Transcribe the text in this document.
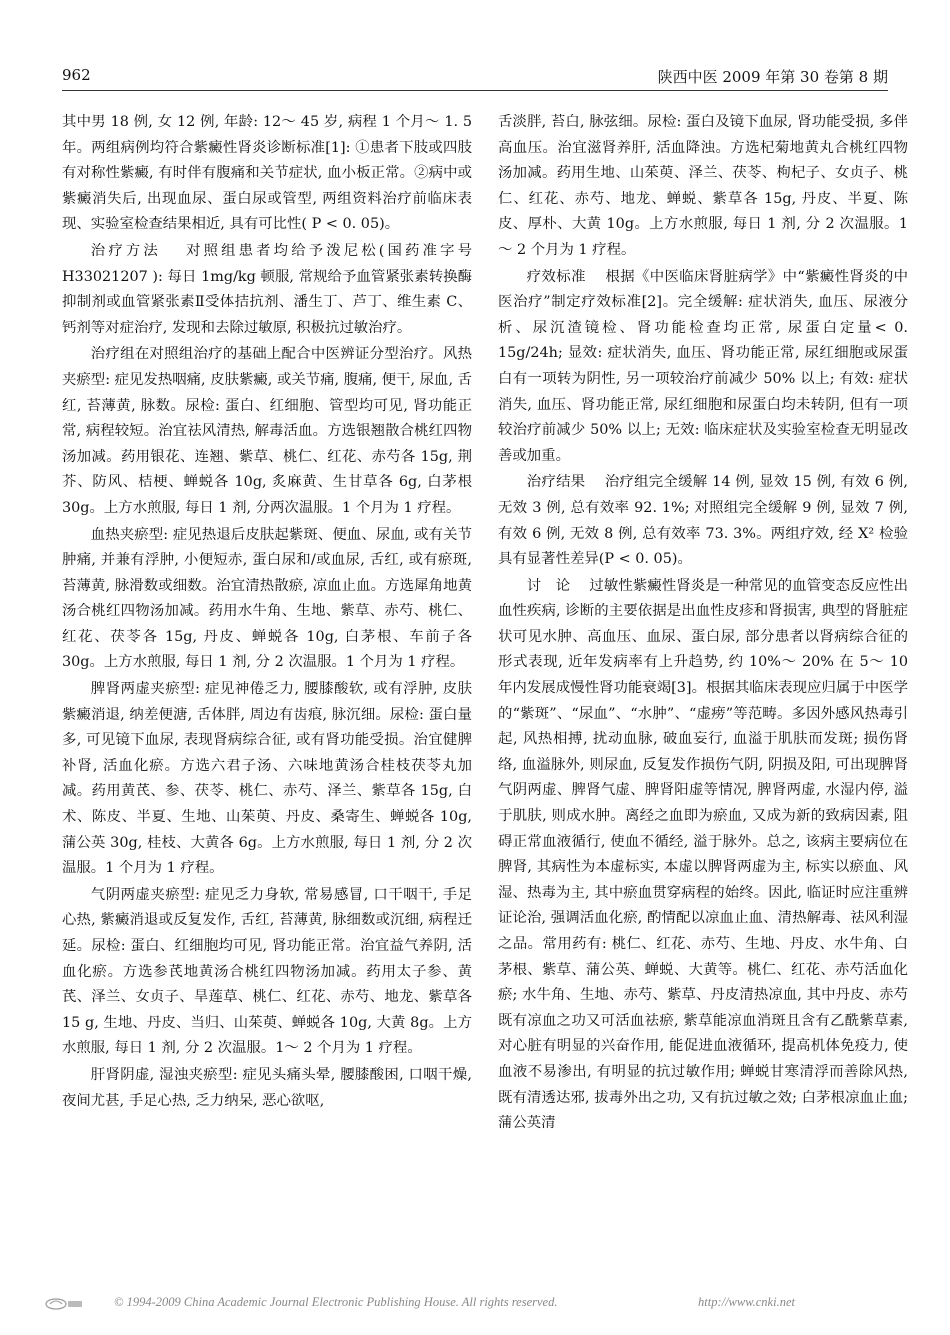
962	陕西中医 2009 年第 30 卷第 8 期

其中男 18 例, 女 12 例, 年龄: 12～ 45 岁, 病程 1 个月～ 1. 5 年。两组病例均符合紫癜性肾炎诊断标准[1]: ①患者下肢或四肢有对称性紫癜, 有时伴有腹痛和关节症状, 血小板正常。②病中或紫癜消失后, 出现血尿、蛋白尿或管型, 两组资料治疗前临床表现、实验室检查结果相近, 具有可比性( P < 0. 05)。

治疗方法　 对照组患者均给予泼尼松(国药准字号 H33021207 ): 每日 1mg/kg 顿服, 常规给予血管紧张素转换酶抑制剂或血管紧张素Ⅱ受体拮抗剂、潘生丁、芦丁、维生素 C、钙剂等对症治疗, 发现和去除过敏原, 积极抗过敏治疗。

治疗组在对照组治疗的基础上配合中医辨证分型治疗。风热夹瘀型: 症见发热咽痛, 皮肤紫癜, 或关节痛, 腹痛, 便干, 尿血, 舌红, 苔薄黄, 脉数。尿检: 蛋白、红细胞、管型均可见, 肾功能正常, 病程较短。治宜祛风清热, 解毒活血。方选银翘散合桃红四物汤加减。药用银花、连翘、紫草、桃仁、红花、赤芍各 15g, 荆芥、防风、桔梗、蝉蜕各 10g, 炙麻黄、生甘草各 6g, 白茅根 30g。上方水煎服, 每日 1 剂, 分两次温服。1 个月为 1 疗程。

血热夹瘀型: 症见热退后皮肤起紫斑、便血、尿血, 或有关节肿痛, 并兼有浮肿, 小便短赤, 蛋白尿和/或血尿, 舌红, 或有瘀斑, 苔薄黄, 脉滑数或细数。治宜清热散瘀, 凉血止血。方选犀角地黄汤合桃红四物汤加减。药用水牛角、生地、紫草、赤芍、桃仁、红花、茯苓各 15g, 丹皮、蝉蜕各 10g, 白茅根、车前子各 30g。上方水煎服, 每日 1 剂, 分 2 次温服。1 个月为 1 疗程。

脾肾两虚夹瘀型: 症见神倦乏力, 腰膝酸软, 或有浮肿, 皮肤紫癜消退, 纳差便溏, 舌体胖, 周边有齿痕, 脉沉细。尿检: 蛋白量多, 可见镜下血尿, 表现肾病综合征, 或有肾功能受损。治宜健脾补肾, 活血化瘀。方选六君子汤、六味地黄汤合桂枝茯苓丸加减。药用黄芪、参、茯苓、桃仁、赤芍、泽兰、紫草各 15g, 白术、陈皮、半夏、生地、山茱萸、丹皮、桑寄生、蝉蜕各 10g, 蒲公英 30g, 桂枝、大黄各 6g。上方水煎服, 每日 1 剂, 分 2 次温服。1 个月为 1 疗程。

气阴两虚夹瘀型: 症见乏力身软, 常易感冒, 口干咽干, 手足心热, 紫癜消退或反复发作, 舌红, 苔薄黄, 脉细数或沉细, 病程迁延。尿检: 蛋白、红细胞均可见, 肾功能正常。治宜益气养阴, 活血化瘀。方选参芪地黄汤合桃红四物汤加减。药用太子参、黄芪、泽兰、女贞子、旱莲草、桃仁、红花、赤芍、地龙、紫草各 15 g, 生地、丹皮、当归、山茱萸、蝉蜕各 10g, 大黄 8g。上方水煎服, 每日 1 剂, 分 2 次温服。1～ 2 个月为 1 疗程。

肝肾阴虚, 湿浊夹瘀型: 症见头痛头晕, 腰膝酸困, 口咽干燥, 夜间尤甚, 手足心热, 乏力纳呆, 恶心欲呕,

舌淡胖, 苔白, 脉弦细。尿检: 蛋白及镜下血尿, 肾功能受损, 多伴高血压。治宜滋肾养肝, 活血降浊。方选杞菊地黄丸合桃红四物汤加减。药用生地、山茱萸、泽兰、茯苓、枸杞子、女贞子、桃仁、红花、赤芍、地龙、蝉蜕、紫草各 15g, 丹皮、半夏、陈皮、厚朴、大黄 10g。上方水煎服, 每日 1 剂, 分 2 次温服。1～ 2 个月为 1 疗程。

疗效标准　 根据《中医临床肾脏病学》中“紫癜性肾炎的中医治疗”制定疗效标准[2]。完全缓解: 症状消失, 血压、尿液分析、尿沉渣镜检、肾功能检查均正常, 尿蛋白定量< 0. 15g/24h; 显效: 症状消失, 血压、肾功能正常, 尿红细胞或尿蛋白有一项转为阴性, 另一项较治疗前减少 50% 以上; 有效: 症状消失, 血压、肾功能正常, 尿红细胞和尿蛋白均未转阴, 但有一项较治疗前减少 50% 以上; 无效: 临床症状及实验室检查无明显改善或加重。

治疗结果　 治疗组完全缓解 14 例, 显效 15 例, 有效 6 例, 无效 3 例, 总有效率 92. 1%; 对照组完全缓解 9 例, 显效 7 例, 有效 6 例, 无效 8 例, 总有效率 73. 3%。两组疗效, 经 X² 检验具有显著性差异(P < 0. 05)。

讨　论　 过敏性紫癜性肾炎是一种常见的血管变态反应性出血性疾病, 诊断的主要依据是出血性皮疹和肾损害, 典型的肾脏症状可见水肿、高血压、血尿、蛋白尿, 部分患者以肾病综合征的形式表现, 近年发病率有上升趋势, 约 10%～ 20% 在 5～ 10 年内发展成慢性肾功能衰竭[3]。根据其临床表现应归属于中医学的“紫斑”、“尿血”、“水肿”、“虚痨”等范畴。多因外感风热毒引起, 风热相搏, 扰动血脉, 破血妄行, 血溢于肌肤而发斑; 损伤肾络, 血溢脉外, 则尿血, 反复发作损伤气阴, 阴损及阳, 可出现脾肾气阴两虚、脾肾气虚、脾肾阳虚等情况, 脾肾两虚, 水湿内停, 溢于肌肤, 则成水肿。离经之血即为瘀血, 又成为新的致病因素, 阻碍正常血液循行, 使血不循经, 溢于脉外。总之, 该病主要病位在脾肾, 其病性为本虚标实, 本虚以脾肾两虚为主, 标实以瘀血、风湿、热毒为主, 其中瘀血贯穿病程的始终。因此, 临证时应注重辨证论治, 强调活血化瘀, 酌情配以凉血止血、清热解毒、祛风利湿之品。常用药有: 桃仁、红花、赤芍、生地、丹皮、水牛角、白茅根、紫草、蒲公英、蝉蜕、大黄等。桃仁、红花、赤芍活血化瘀; 水牛角、生地、赤芍、紫草、丹皮清热凉血, 其中丹皮、赤芍既有凉血之功又可活血祛瘀, 紫草能凉血消斑且含有乙酰紫草素, 对心脏有明显的兴奋作用, 能促进血液循环, 提高机体免疫力, 使血液不易渗出, 有明显的抗过敏作用; 蝉蜕甘寒清浮而善除风热, 既有清透达邪, 拔毒外出之功, 又有抗过敏之效; 白茅根凉血止血; 蒲公英清

© 1994-2009 China Academic Journal Electronic Publishing House. All rights reserved.	http://www.cnki.net
